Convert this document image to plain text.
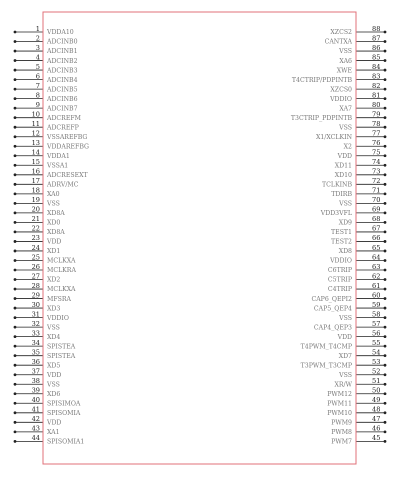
1 VDDA10
2 ADCINB0
3 ADCINB1
4 ADCINB2
5 ADCINB3
6 ADCINB4
7 ADCINB5
8 ADCINB6
9 ADCINB7
10 ADCREFM
11 ADCREFP
12 VSSAREFBG
13 VDDAREFBG
14 VDDA1
15 VSSA1
16 ADCRESEXT
17 ADRV/MC
18 XA0
19 VSS
20 XD8A
21 XD0
22 XD8A
23 VDD
24 XD1
25 MCLKXA
26 MCLKRA
27 XD2
28 MCLKXA
29 MFSRA
30 XD3
31 VDDIO
32 VSS
33 XD4
34 SPISTEA
35 SPISTEA
36 XD5
37 VDD
38 VSS
39 XD6
40 SPISIMOA
41 SPISOMIA
42 VDD
43 XA1
44 SPISOMIA1
88
XZCS2
87
CANTXA
86
VSS
85
XA6
84
XWE
83
T4CTRIP/PDPINTB
82
XZCS0
81
VDDIO
80
XA7
79
T3CTRIP_PDPINTB
78
VSS
77
X1/XCLKIN
76
X2
75
VDD
74
XD11
73
XD10
72
TCLKINB
71
TDIRB
70
VSS
69
VDD3VFL
68
XD9
67
TEST1
66
TEST2
65
XD8
64
VDDIO
63
C6TRIP
62
C5TRIP
61
C4TRIP
60
CAP6_QEPI2
59
CAP5_QEP4
58
VSS
57
CAP4_QEP3
56
VDD
55
T4PWM_T4CMP
54
XD7
53
T3PWM_T3CMP
52
VSS
51
XR/W
50
PWM12
49
PWM11
48
PWM10
47
PWM9
46
PWM8
45
PWM7
